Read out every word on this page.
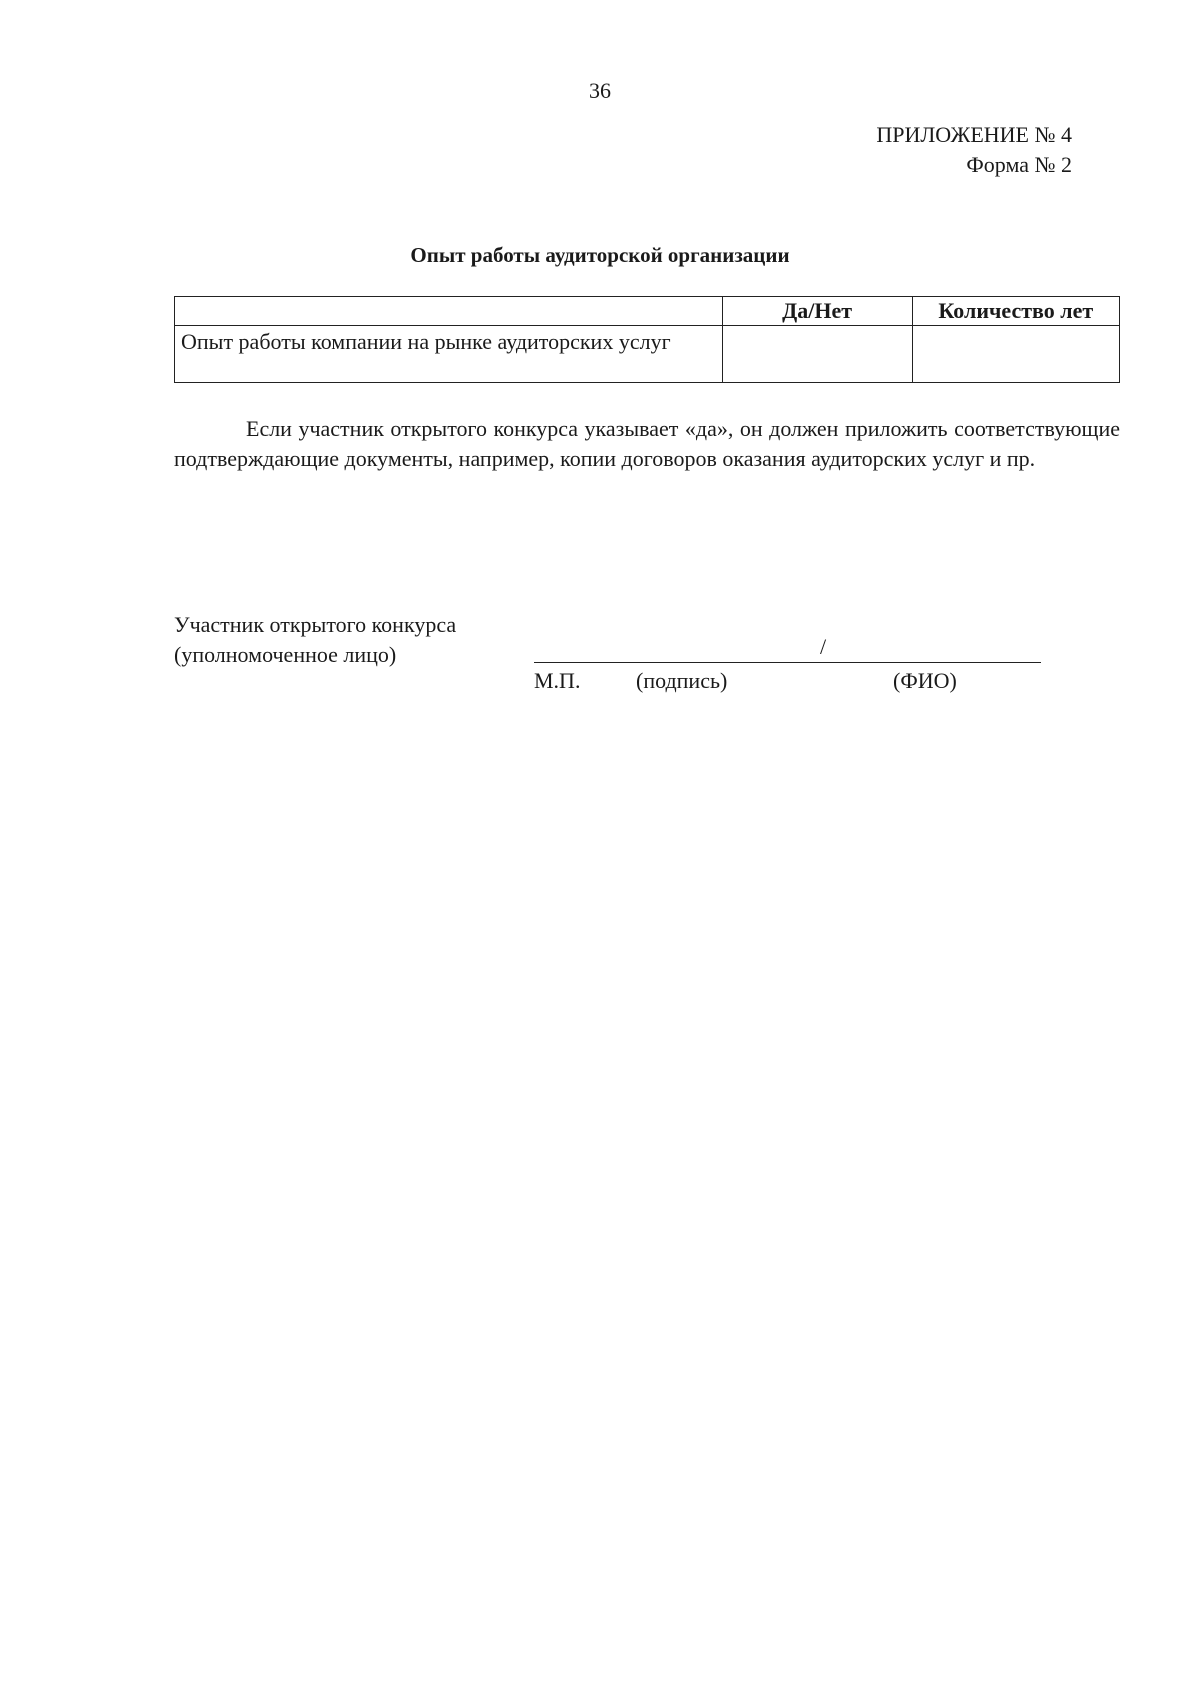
36
ПРИЛОЖЕНИЕ № 4
Форма № 2
Опыт работы аудиторской организации
	Да/Нет	Количество лет
Опыт работы компании на рынке аудиторских услуг		
Если участник открытого конкурса указывает «да», он должен приложить соответствующие подтверждающие документы, например, копии договоров оказания аудиторских услуг и пр.
Участник открытого конкурса
(уполномоченное лицо)	/
М.П.	(подпись)	(ФИО)
